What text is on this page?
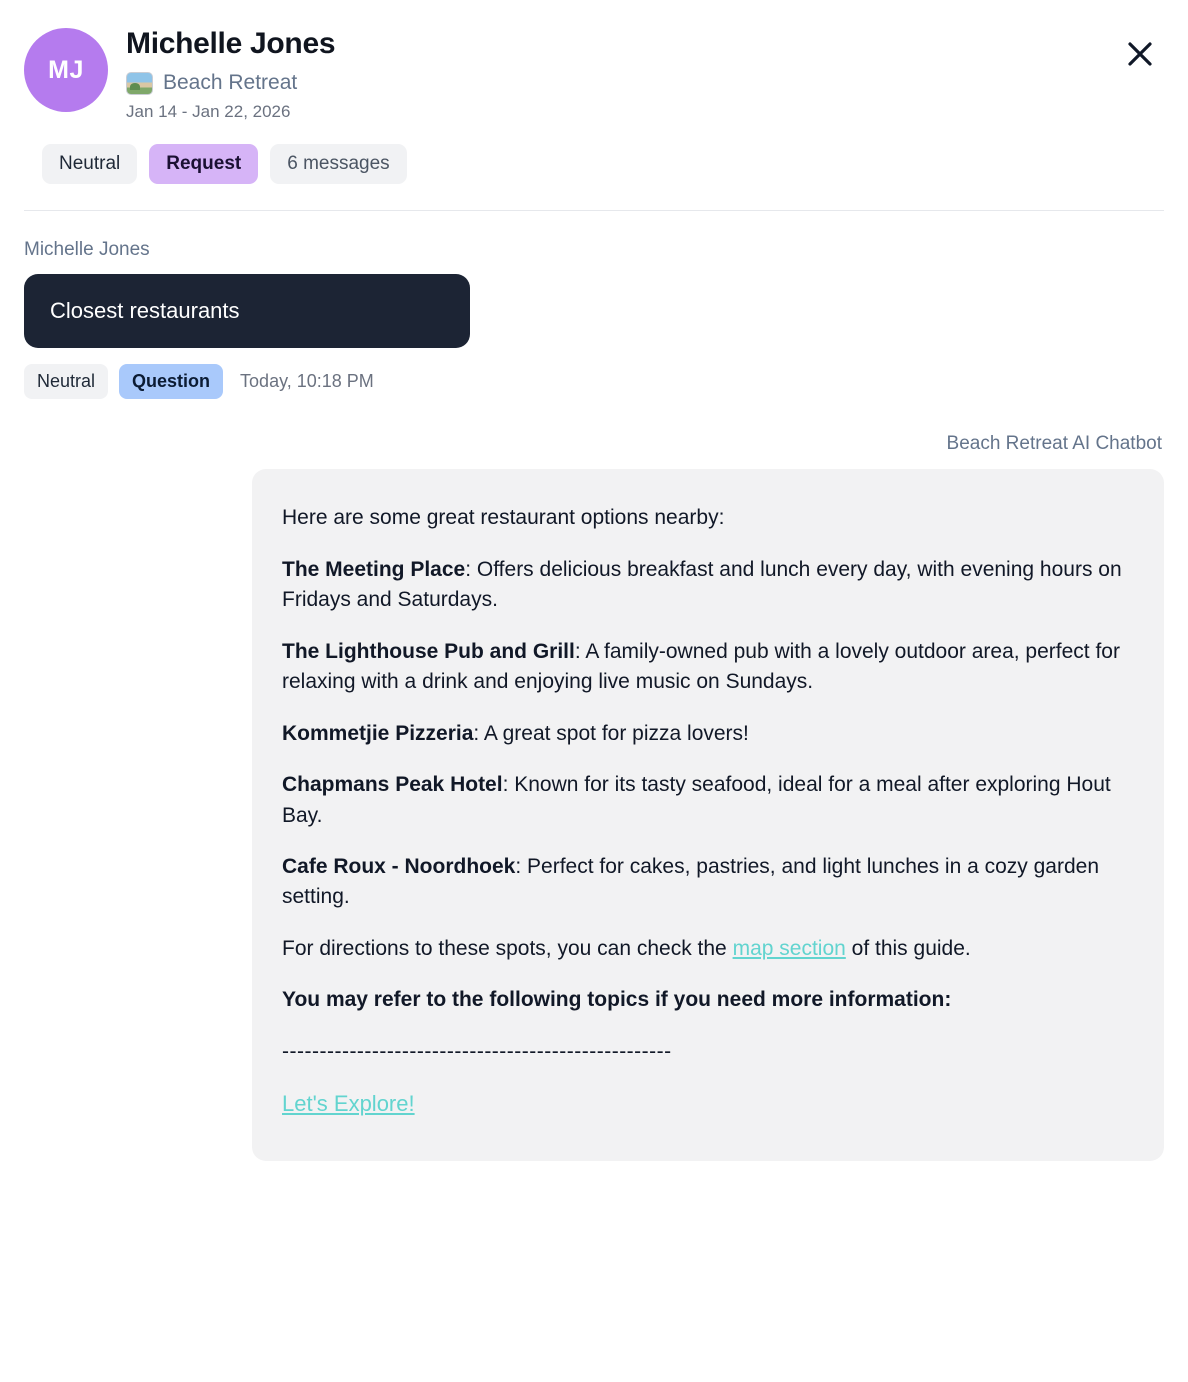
MJ
Michelle Jones
Beach Retreat
Jan 14 - Jan 22, 2026
Neutral	Request	6 messages
Michelle Jones
Closest restaurants
Neutral	Question	Today, 10:18 PM
Beach Retreat AI Chatbot

Here are some great restaurant options nearby:

The Meeting Place: Offers delicious breakfast and lunch every day, with evening hours on Fridays and Saturdays.

The Lighthouse Pub and Grill: A family-owned pub with a lovely outdoor area, perfect for relaxing with a drink and enjoying live music on Sundays.

Kommetjie Pizzeria: A great spot for pizza lovers!

Chapmans Peak Hotel: Known for its tasty seafood, ideal for a meal after exploring Hout Bay.

Cafe Roux - Noordhoek: Perfect for cakes, pastries, and light lunches in a cozy garden setting.

For directions to these spots, you can check the map section of this guide.

You may refer to the following topics if you need more information:

----------------------------------------------------

Let's Explore!
